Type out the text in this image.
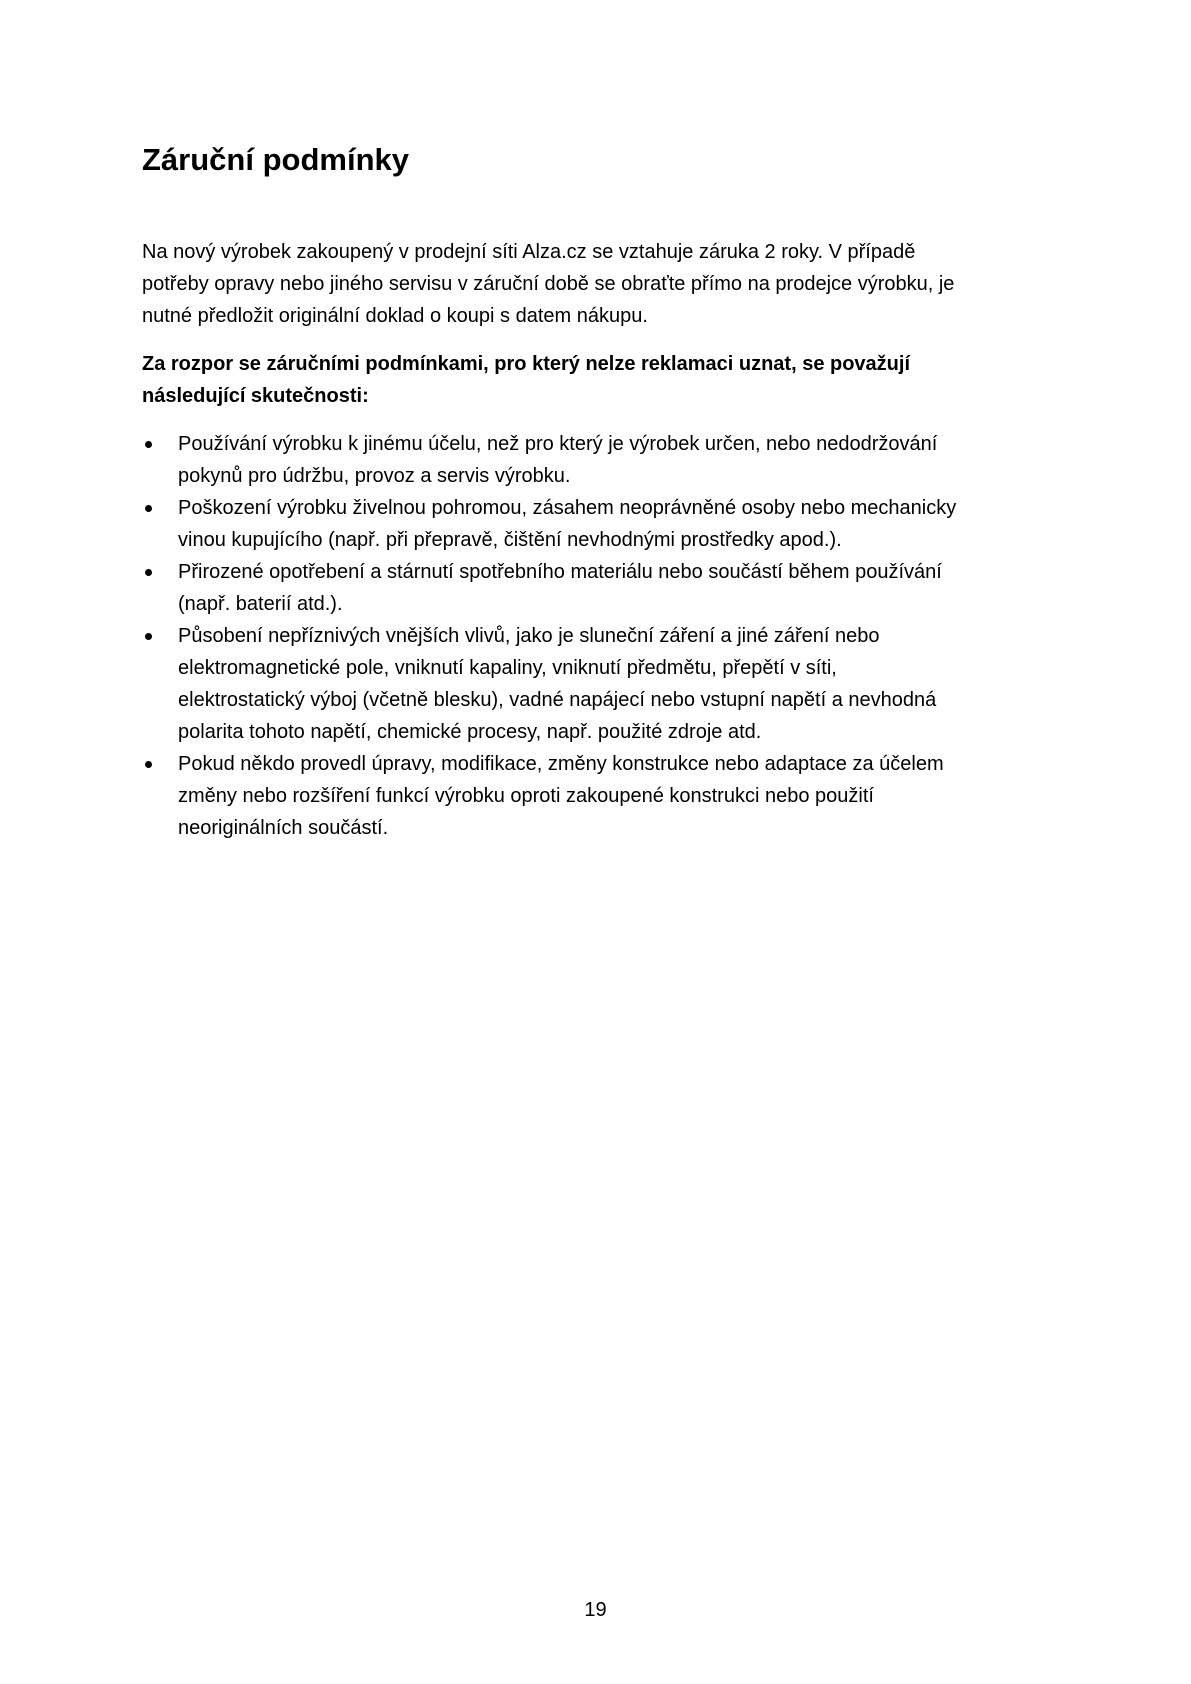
Záruční podmínky

Na nový výrobek zakoupený v prodejní síti Alza.cz se vztahuje záruka 2 roky. V případě
potřeby opravy nebo jiného servisu v záruční době se obraťte přímo na prodejce výrobku, je
nutné předložit originální doklad o koupi s datem nákupu.

Za rozpor se záručními podmínkami, pro který nelze reklamaci uznat, se považují
následující skutečnosti:

Používání výrobku k jinému účelu, než pro který je výrobek určen, nebo nedodržování
pokynů pro údržbu, provoz a servis výrobku.
Poškození výrobku živelnou pohromou, zásahem neoprávněné osoby nebo mechanicky
vinou kupujícího (např. při přepravě, čištění nevhodnými prostředky apod.).
Přirozené opotřebení a stárnutí spotřebního materiálu nebo součástí během používání
(např. baterií atd.).
Působení nepříznivých vnějších vlivů, jako je sluneční záření a jiné záření nebo
elektromagnetické pole, vniknutí kapaliny, vniknutí předmětu, přepětí v síti,
elektrostatický výboj (včetně blesku), vadné napájecí nebo vstupní napětí a nevhodná
polarita tohoto napětí, chemické procesy, např. použité zdroje atd.
Pokud někdo provedl úpravy, modifikace, změny konstrukce nebo adaptace za účelem
změny nebo rozšíření funkcí výrobku oproti zakoupené konstrukci nebo použití
neoriginálních součástí.
19
